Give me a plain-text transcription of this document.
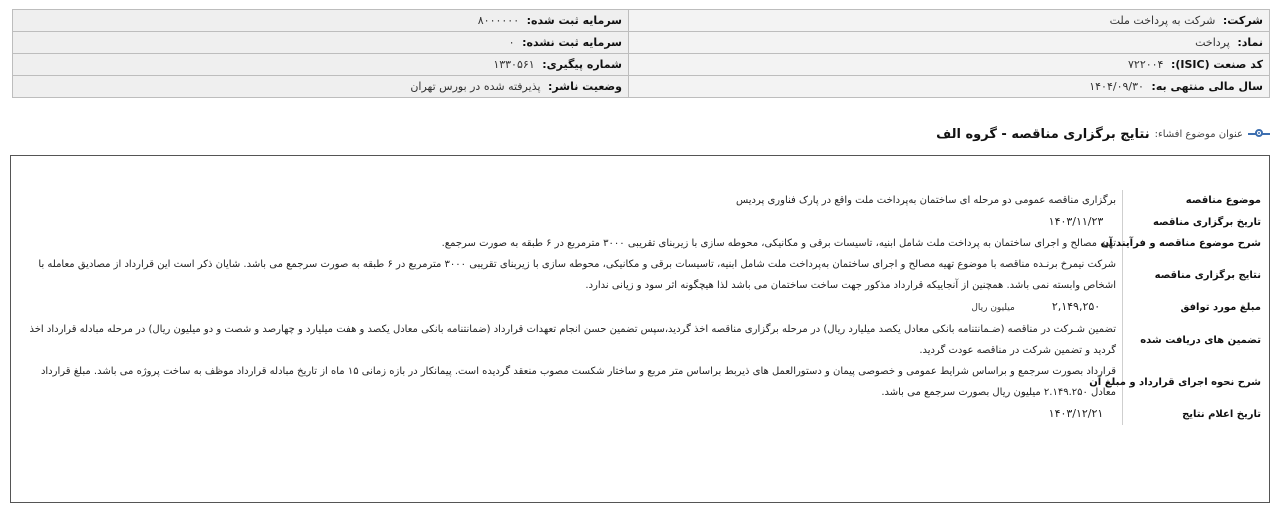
شرکت: شرکت به پرداخت ملت	سرمایه ثبت شده: ۸۰۰۰۰۰۰
نماد: پرداخت	سرمایه ثبت نشده: ۰
کد صنعت (ISIC): ۷۲۲۰۰۴	شماره پیگیری: ۱۳۳۰۵۶۱
سال مالی منتهی به: ۱۴۰۴/۰۹/۳۰	وضعیت ناشر: پذیرفته شده در بورس تهران
عنوان موضوع افشاء:
نتایج برگزاری مناقصه - گروه الف
موضوع مناقصه	برگزاری مناقصه عمومی دو مرحله ای ساختمان به‌پرداخت ملت واقع در پارک فناوری پردیس
تاریخ برگزاری مناقصه	۱۴۰۳/۱۱/۲۳
شرح موضوع مناقصه و فرآیند آن	تهیه مصالح و اجرای ساختمان به پرداخت ملت شامل ابنیه، تاسیسات برقی و مکانیکی، محوطه سازی با زیربنای تقریبی ۳۰۰۰ مترمربع در ۶ طبقه به صورت سرجمع.
نتایج برگزاری مناقصه	شرکت نیمرخ برنـده مناقصه با موضوع تهیه مصالح و اجرای ساختمان به‌پرداخت ملت شامل ابنیه، تاسیسات برقی و مکانیکی، محوطه سازی با زیربنای تقریبی ۳۰۰۰ مترمربع در ۶ طبقه به صورت سرجمع می باشد. شایان ذکر است این قرارداد از مصادیق معامله با اشخاص وابسته نمی باشد. همچنین از آنجاییکه قرارداد مذکور جهت ساخت ساختمان می باشد لذا هیچگونه اثر سود و زیانی ندارد.
مبلغ مورد توافق	۲,۱۴۹,۲۵۰ میلیون ریال
تضمین های دریافت شده	تضمین شـرکت در مناقصه (ضـمانتنامه بانکی معادل یکصد میلیارد ریال) در مرحله برگزاری مناقصه اخذ گردید،سپس تضمین حسن انجام تعهدات قرارداد (ضمانتنامه بانکی معادل یکصد و هفت میلیارد و چهارصد و شصت و دو میلیون ریال) در مرحله مبادله قرارداد اخذ گردید و تضمین شرکت در مناقصه عودت گردید.
شرح نحوه اجرای قرارداد و مبلغ آن	قرارداد بصورت سرجمع و براساس شرایط عمومی و خصوصی پیمان و دستورالعمل های ذیربط براساس متر مربع و ساختار شکست مصوب منعقد گردیده است. پیمانکار در بازه زمانی ۱۵ ماه از تاریخ مبادله قرارداد موظف به ساخت پروژه می باشد. مبلغ قرارداد معادل ۲.۱۴۹.۲۵۰ میلیون ریال بصورت سرجمع می باشد.
تاریخ اعلام نتایج	۱۴۰۳/۱۲/۲۱
